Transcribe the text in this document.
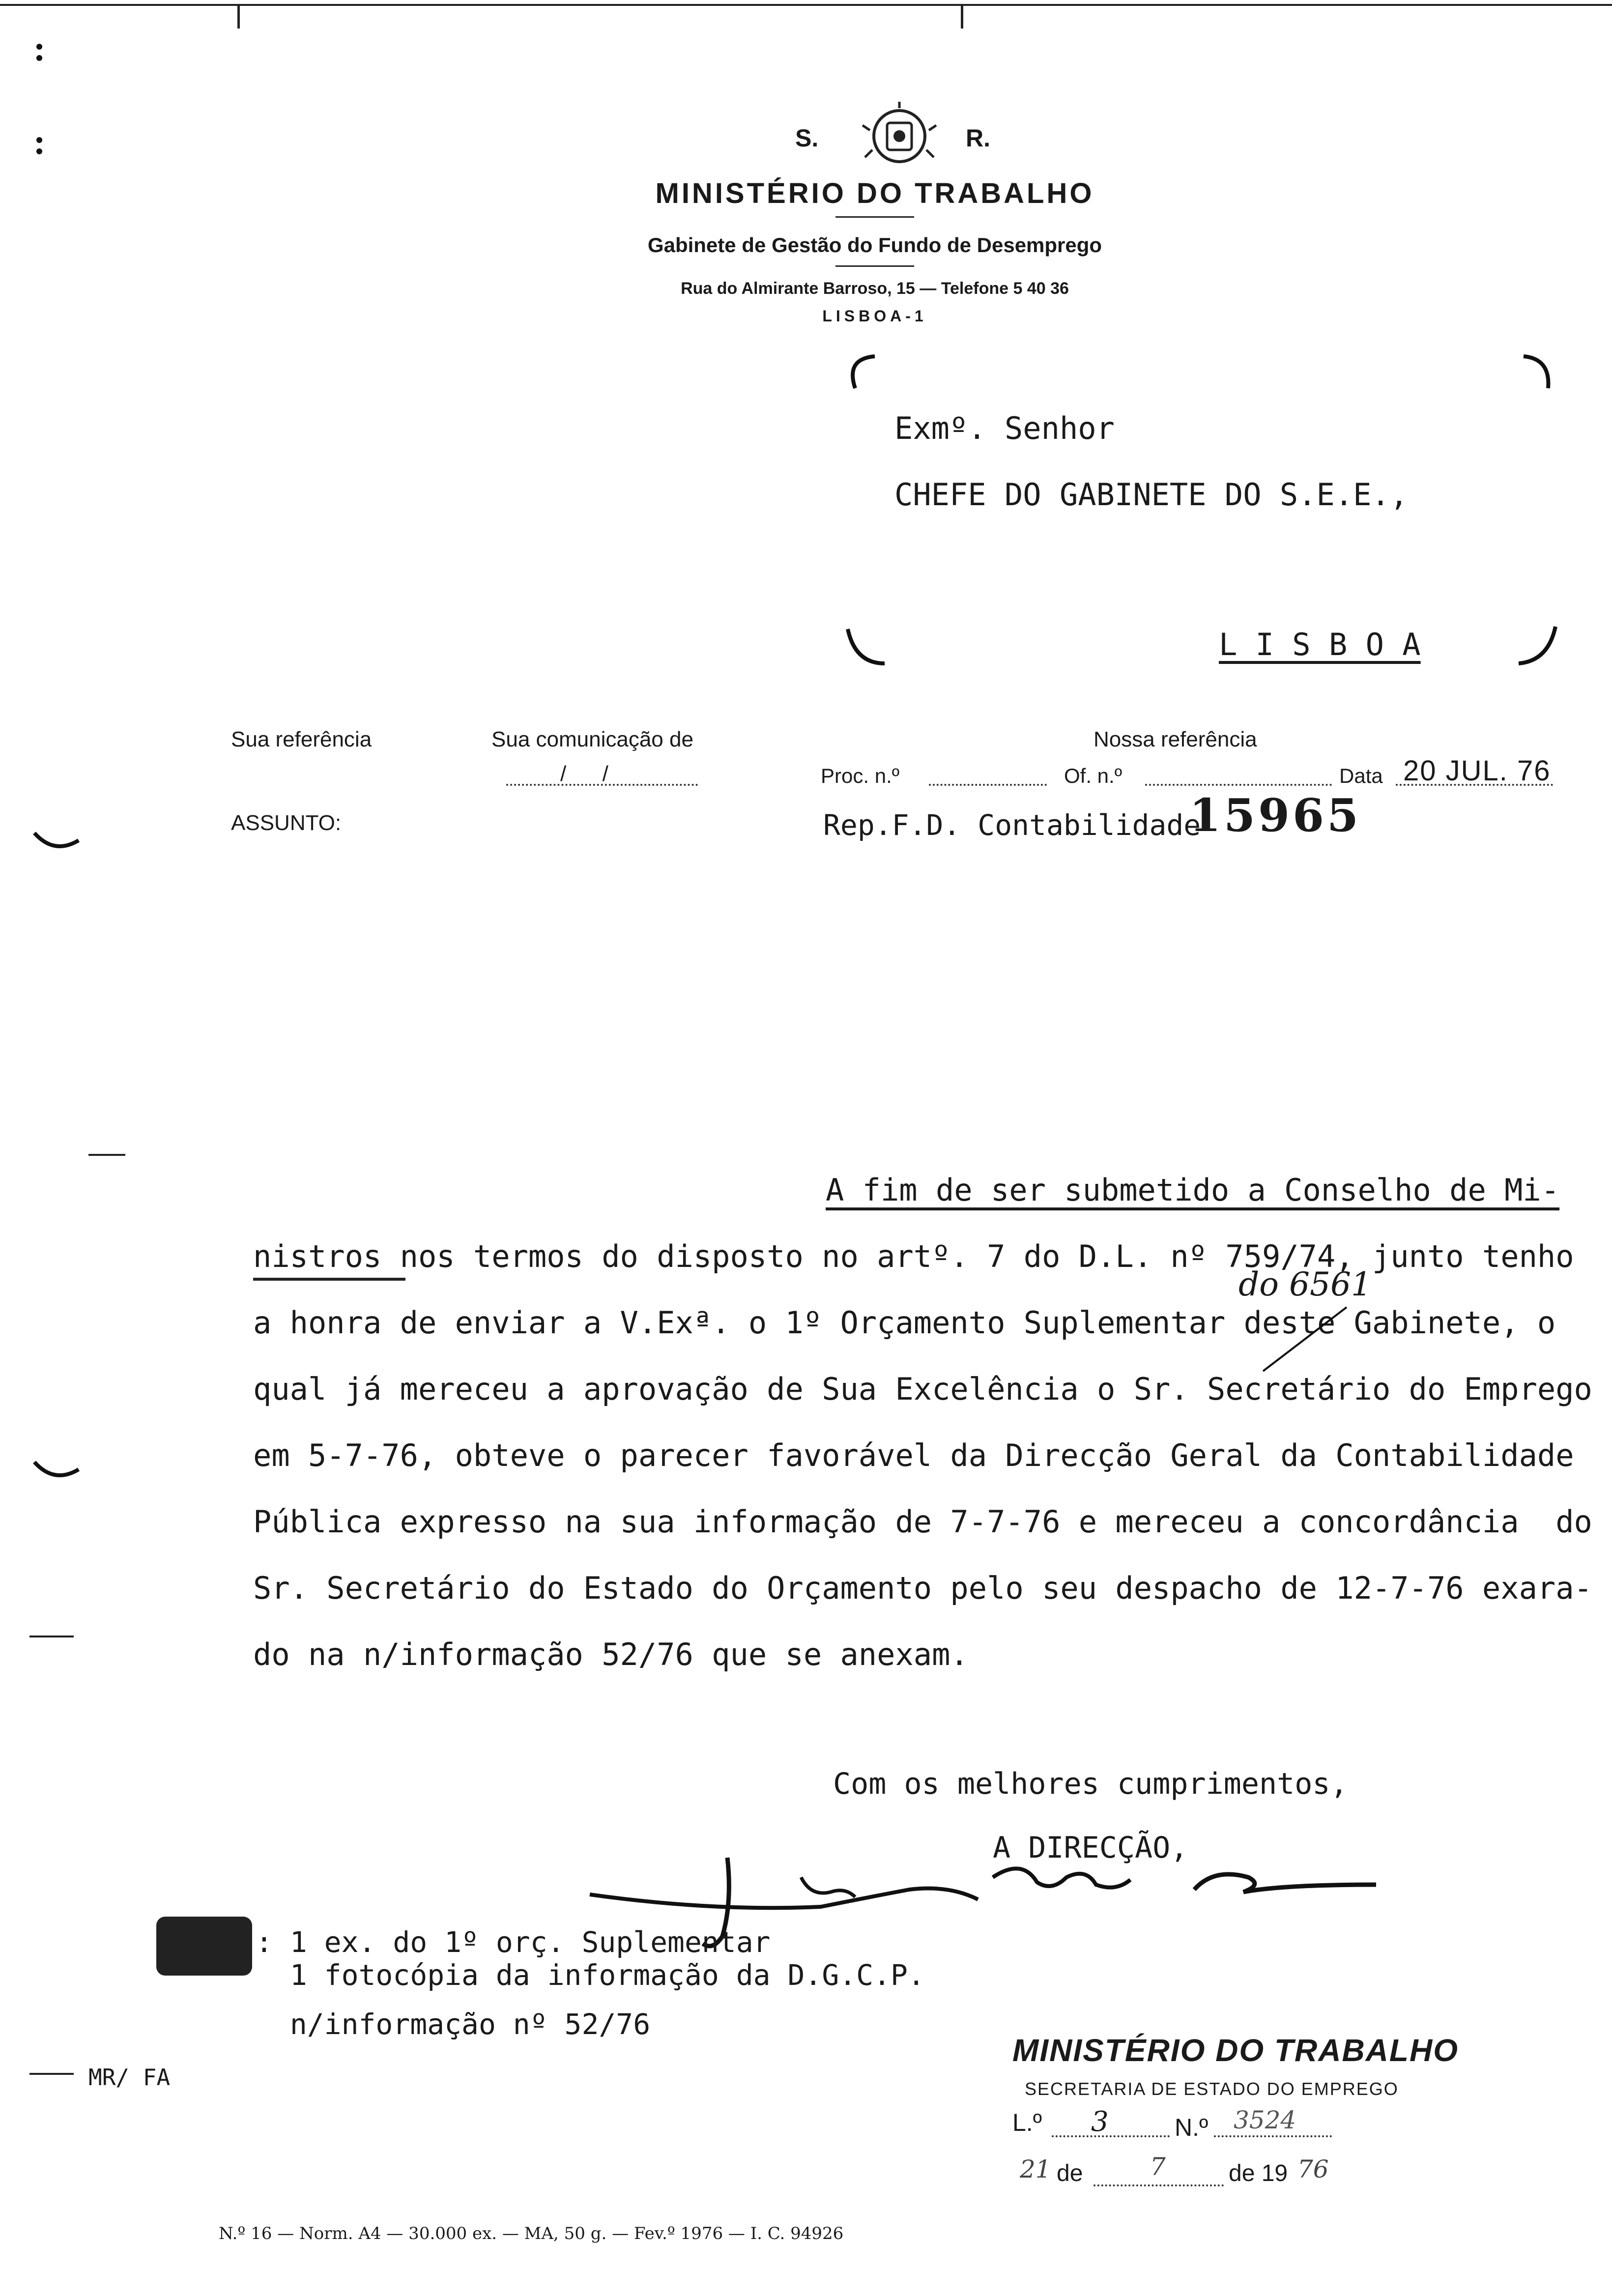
S.	R.
MINISTÉRIO DO TRABALHO
Gabinete de Gestão do Fundo de Desemprego
Rua do Almirante Barroso, 15 — Telefone 5 40 36
LISBOA-1
Exmº. Senhor
CHEFE DO GABINETE DO S.E.E.,
L I S B O A
Sua referência	Sua comunicação de
/      /
Nossa referência
Proc. n.º	Of. n.º	Data 20 JUL. 76
ASSUNTO:	Rep.F.D. Contabilidade
15965
A fim de ser submetido a Conselho de Mi-
nistros nos termos do disposto no artº. 7 do D.L. nº 759/74, junto tenho
a honra de enviar a V.Exª. o 1º Orçamento Suplementar deste Gabinete, o
qual já mereceu a aprovação de Sua Excelência o Sr. Secretário do Emprego
em 5-7-76, obteve o parecer favorável da Direcção Geral da Contabilidade
Pública expresso na sua informação de 7-7-76 e mereceu a concordância  do
Sr. Secretário do Estado do Orçamento pelo seu despacho de 12-7-76 exara-
do na n/informação 52/76 que se anexam.
do 6561
Com os melhores cumprimentos,
A DIRECÇÃO,
: 1 ex. do 1º orç. Suplementar
1 fotocópia da informação da D.G.C.P.
n/informação nº 52/76
MR/ FA
MINISTÉRIO DO TRABALHO
SECRETARIA DE ESTADO DO EMPREGO
L.º 3	N.º 3524
21 de	7	de 19 76
N.º 16 — Norm. A4 — 30.000 ex. — MA, 50 g. — Fev.º 1976 — I. C. 94926
